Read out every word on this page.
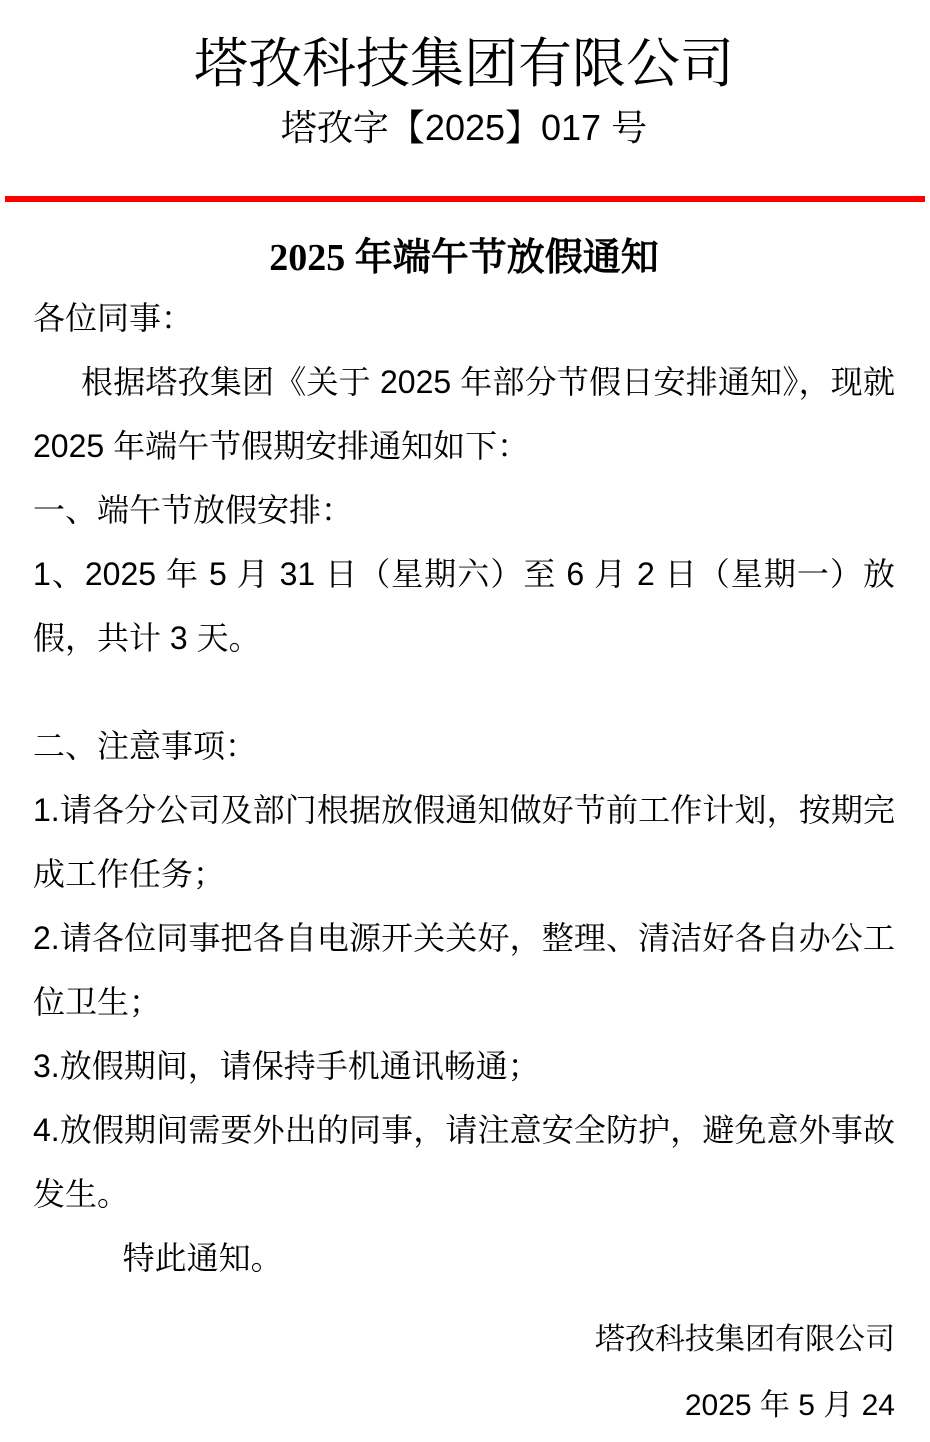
塔孜科技集团有限公司
塔孜字【2025】017 号
2025 年端午节放假通知

各位同事：

根据塔孜集团《关于 2025 年部分节假日安排通知》，现就 2025 年端午节假期安排通知如下：

一、端午节放假安排：

1、2025 年 5 月 31 日（星期六）至 6 月 2 日（星期一）放假，共计 3 天。

二、注意事项：

1.请各分公司及部门根据放假通知做好节前工作计划，按期完成工作任务；

2.请各位同事把各自电源开关关好，整理、清洁好各自办公工位卫生；

3.放假期间，请保持手机通讯畅通；

4.放假期间需要外出的同事，请注意安全防护，避免意外事故发生。

特此通知。

塔孜科技集团有限公司

2025 年 5 月 24
